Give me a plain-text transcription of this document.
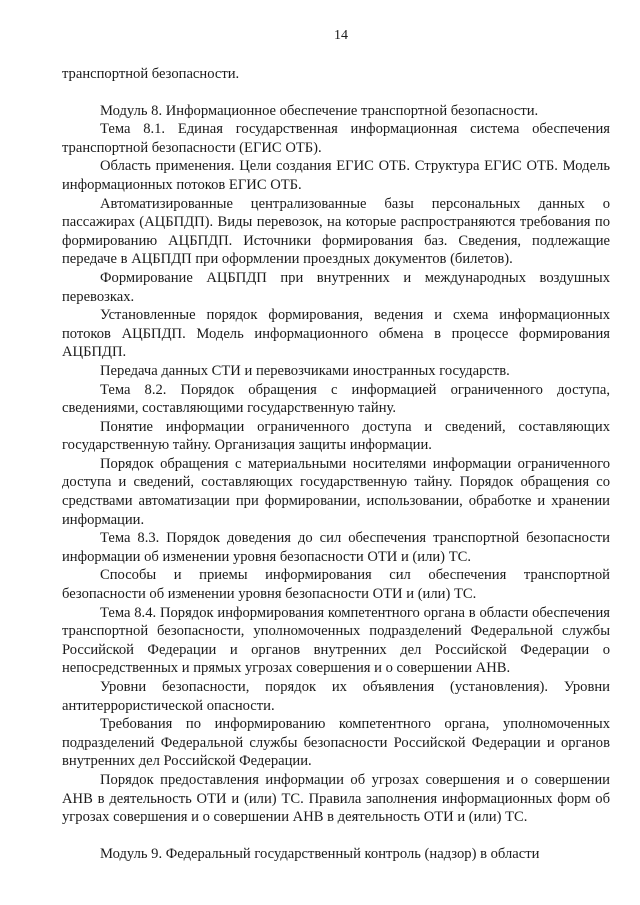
14

транспортной безопасности.

Модуль 8. Информационное обеспечение транспортной безопасности.

Тема 8.1. Единая государственная информационная система обеспечения транспортной безопасности (ЕГИС ОТБ).

Область применения. Цели создания ЕГИС ОТБ. Структура ЕГИС ОТБ. Модель информационных потоков ЕГИС ОТБ.

Автоматизированные централизованные базы персональных данных о пассажирах (АЦБПДП). Виды перевозок, на которые распространяются требования по формированию АЦБПДП. Источники формирования баз. Сведения, подлежащие передаче в АЦБПДП при оформлении проездных документов (билетов).

Формирование АЦБПДП при внутренних и международных воздушных перевозках.

Установленные порядок формирования, ведения и схема информационных потоков АЦБПДП. Модель информационного обмена в процессе формирования АЦБПДП.

Передача данных СТИ и перевозчиками иностранных государств.

Тема 8.2. Порядок обращения с информацией ограниченного доступа, сведениями, составляющими государственную тайну.

Понятие информации ограниченного доступа и сведений, составляющих государственную тайну. Организация защиты информации.

Порядок обращения с материальными носителями информации ограниченного доступа и сведений, составляющих государственную тайну. Порядок обращения со средствами автоматизации при формировании, использовании, обработке и хранении информации.

Тема 8.3. Порядок доведения до сил обеспечения транспортной безопасности информации об изменении уровня безопасности ОТИ и (или) ТС.

Способы и приемы информирования сил обеспечения транспортной безопасности об изменении уровня безопасности ОТИ и (или) ТС.

Тема 8.4. Порядок информирования компетентного органа в области обеспечения транспортной безопасности, уполномоченных подразделений Федеральной службы Российской Федерации и органов внутренних дел Российской Федерации о непосредственных и прямых угрозах совершения и о совершении АНВ.

Уровни безопасности, порядок их объявления (установления). Уровни антитеррористической опасности.

Требования по информированию компетентного органа, уполномоченных подразделений Федеральной службы безопасности Российской Федерации и органов внутренних дел Российской Федерации.

Порядок предоставления информации об угрозах совершения и о совершении АНВ в деятельность ОТИ и (или) ТС. Правила заполнения информационных форм об угрозах совершения и о совершении АНВ в деятельность ОТИ и (или) ТС.

Модуль 9. Федеральный государственный контроль (надзор) в области
